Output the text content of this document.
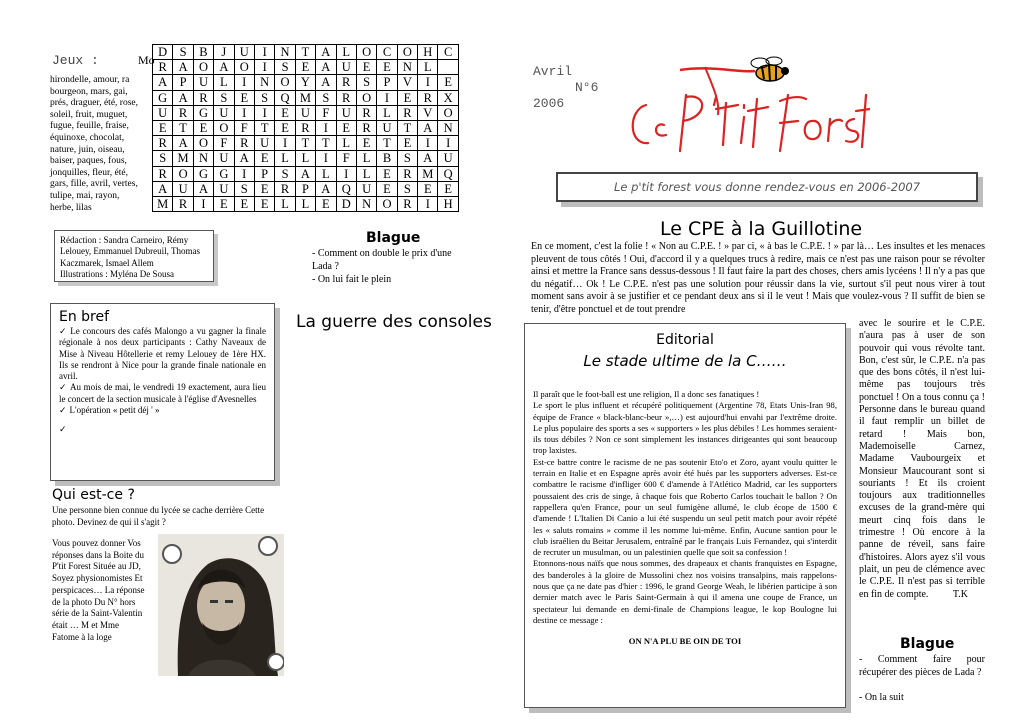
Jeux :	Mo
hirondelle, amour, ra bourgeon, mars, gai, prés, draguer, été, rose, soleil, fruit, muguet, fugue, feuille, fraise, équinoxe, chocolat, nature, juin, oiseau, baiser, paques, fous, jonquilles, fleur, été, gars, fille, avril, vertes, tulipe, mai, rayon, herbe, lilas
D	S	B	J	U	I	N	T	A	L	O	C	O	H	C
R	A	O	A	O	I	S	E	A	U	E	E	N	L	
A	P	U	L	I	N	O	Y	A	R	S	P	V	I	E
G	A	R	S	E	S	Q	M	S	R	O	I	E	R	X
U	R	G	U	I	I	E	U	F	U	R	L	R	V	O
E	T	E	O	F	T	E	R	I	E	R	U	T	A	N
R	A	O	F	R	U	I	T	T	L	E	T	E	I	I
S	M	N	U	A	E	L	L	I	F	L	B	S	A	U
R	O	G	G	I	P	S	A	L	I	L	E	R	M	Q
A	U	A	U	S	E	R	P	A	Q	U	E	S	E	E
M	R	I	E	E	E	L	L	E	D	N	O	R	I	H
Avril
N°6
2006
Le p'tit forest vous donne rendez-vous en 2006-2007

Rédaction : Sandra Carneiro, Rémy Lelouey, Emmanuel Dubreuil, Thomas Kaczmarek, Ismael Allem

Illustrations : Myléna De Sousa

Blague
- Comment on double le prix d'une Lada ?
- On lui fait le plein
La guerre des consoles
En bref

✓ Le concours des cafés Malongo a vu gagner la finale régionale à nos deux participants : Cathy Naveaux de Mise à Niveau Hôtellerie et remy Lelouey de 1ère HX. Ils se rendront à Nice pour la grande finale nationale en avril.

✓ Au mois de mai, le vendredi 19 exactement, aura lieu le concert de la section musicale à l'église d'Avesnelles

✓ L'opération « petit déj ' »

✓

Qui est-ce ?
Une personne bien connue du lycée se cache derrière Cette photo. Devinez de qui il s'agit ?
Vous pouvez donner Vos réponses dans la Boite du P'tit Forest Située au JD, Soyez physionomistes Et perspicaces… La réponse de la photo Du N° hors série de la Saint-Valentin était … M et Mme Fatome à la loge
Le CPE à la Guillotine
En ce moment, c'est la folie ! « Non au C.P.E. ! » par ci, « à bas le C.P.E. ! » par là… Les insultes et les menaces pleuvent de tous côtés ! Oui, d'accord il y a quelques trucs à redire, mais ce n'est pas une raison pour se révolter ainsi et mettre la France sans dessus-dessous ! Il faut faire la part des choses, chers amis lycéens ! Il n'y a pas que du négatif… Ok ! Le C.P.E. n'est pas une solution pour réussir dans la vie, surtout s'il peut nous virer à tout moment sans avoir à se justifier et ce pendant deux ans si il le veut ! Mais que voulez-vous ? Il suffit de bien se tenir, d'être ponctuel et de tout prendre
avec le sourire et le C.P.E. n'aura pas à user de son pouvoir qui vous révolte tant. Bon, c'est sûr, le C.P.E. n'a pas que des bons côtés, il n'est lui-même pas toujours très ponctuel ! On a tous connu ça ! Personne dans le bureau quand il faut remplir un billet de retard ! Mais bon, Mademoiselle Carnez, Madame Vaubourgeix et Monsieur Maucourant sont si souriants ! Et ils croient toujours aux traditionnelles excuses de la grand-mère qui meurt cinq fois dans le trimestre ! Où encore à la panne de réveil, sans faire d'histoires. Alors ayez s'il vous plait, un peu de clémence avec le C.P.E. Il n'est pas si terrible en fin de compte. T.K
Editorial
Le stade ultime de la C……

Il paraît que le foot-ball est une religion, Il a donc ses fanatiques !

Le sport le plus influent et récupéré politiquement (Argentine 78, Etats Unis-Iran 98, équipe de France « black-blanc-beur »,…) est aujourd'hui envahi par l'extrême droite. Le plus populaire des sports a ses « supporters » les plus débiles ! Les hommes seraient-ils tous débiles ? Non ce sont simplement les instances dirigeantes qui sont beaucoup trop laxistes.

Est-ce battre contre le racisme de ne pas soutenir Eto'o et Zoro, ayant voulu quitter le terrain en Italie et en Espagne après avoir été hués par les supporters adverses. Est-ce combattre le racisme d'infliger 600 € d'amende à l'Atlético Madrid, car les supporters poussaient des cris de singe, à chaque fois que Roberto Carlos touchait le ballon ? On rappellera qu'en France, pour un seul fumigène allumé, le club écope de 1500 € d'amende ! L'Italien Di Canio a lui été suspendu un seul petit match pour avoir répété les « saluts romains » comme il les nomme lui-même. Enfin, Aucune santion pour le club israélien du Beitar Jerusalem, entraîné par le français Luis Fernandez, qui s'interdit de recruter un musulman, ou un palestinien quelle que soit sa confession !

Etonnons-nous naïfs que nous sommes, des drapeaux et chants franquistes en Espagne, des banderoles à la gloire de Mussolini chez nos voisins transalpins, mais rappelons-nous que ça ne date pas d'hier : 1996, le grand George Weah, le libérien participe à son dernier match avec le Paris Saint-Germain à qui il amena une coupe de France, un spectateur lui demande en demi-finale de Champions league, le kop Boulogne lui destine ce message :

ON N'A PLU BE OIN DE TOI	Blague
- Comment faire pour récupérer des pièces de Lada ?
- On la suit
